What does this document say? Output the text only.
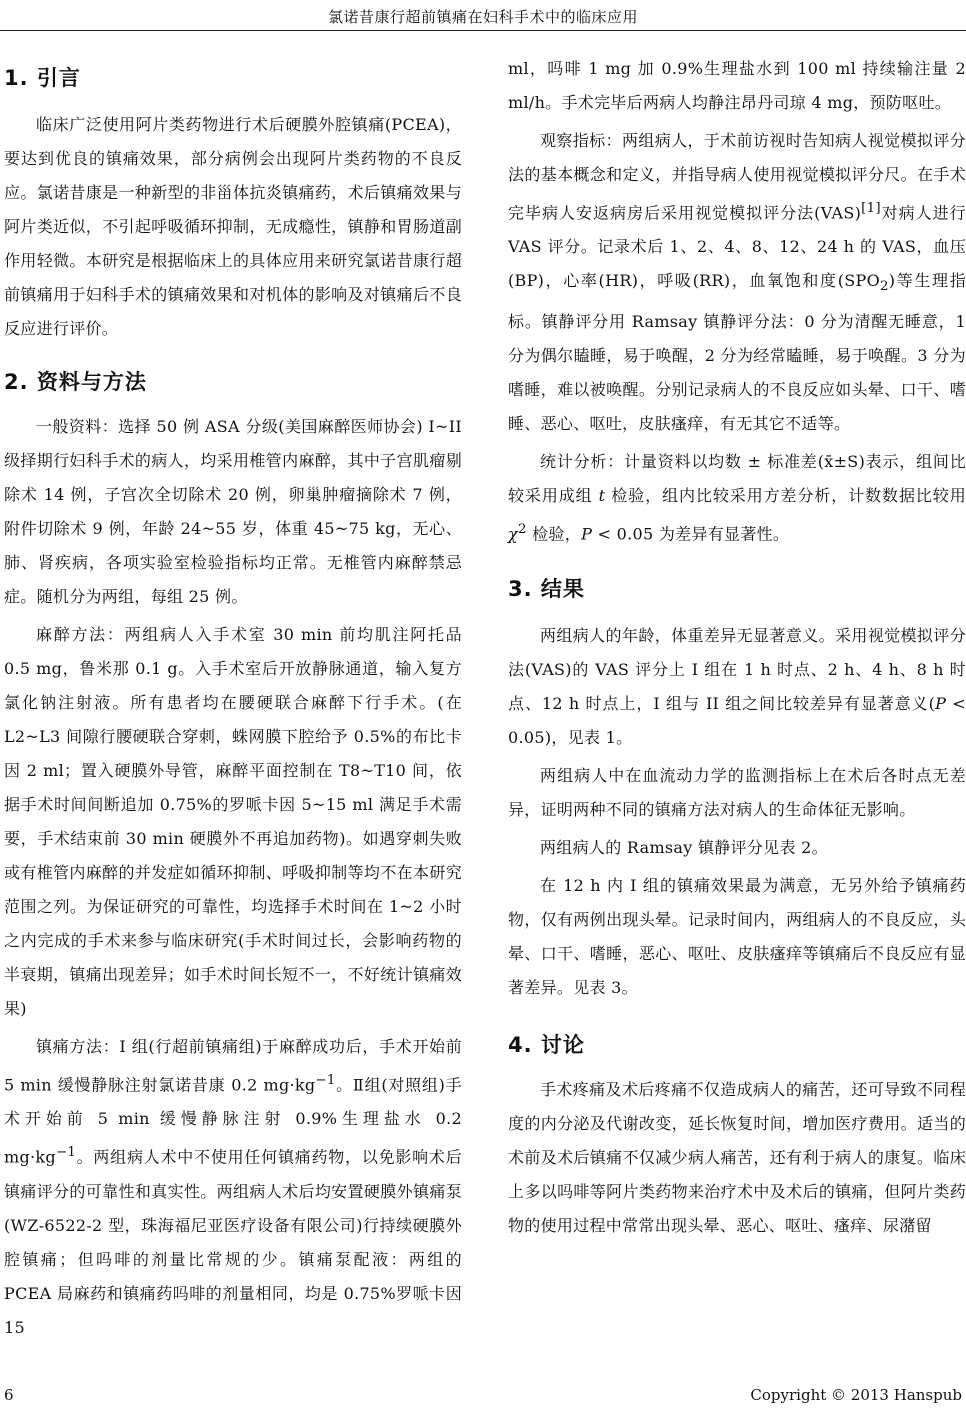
氯诺昔康行超前镇痛在妇科手术中的临床应用
1. 引言

临床广泛使用阿片类药物进行术后硬膜外腔镇痛(PCEA)，要达到优良的镇痛效果，部分病例会出现阿片类药物的不良反应。氯诺昔康是一种新型的非甾体抗炎镇痛药，术后镇痛效果与阿片类近似，不引起呼吸循环抑制，无成瘾性，镇静和胃肠道副作用轻微。本研究是根据临床上的具体应用来研究氯诺昔康行超前镇痛用于妇科手术的镇痛效果和对机体的影响及对镇痛后不良反应进行评价。

2. 资料与方法

一般资料：选择 50 例 ASA 分级(美国麻醉医师协会) I~II 级择期行妇科手术的病人，均采用椎管内麻醉，其中子宫肌瘤剔除术 14 例，子宫次全切除术 20 例，卵巢肿瘤摘除术 7 例，附件切除术 9 例，年龄 24~55 岁，体重 45~75 kg，无心、肺、肾疾病，各项实验室检验指标均正常。无椎管内麻醉禁忌症。随机分为两组，每组 25 例。

麻醉方法：两组病人入手术室 30 min 前均肌注阿托品 0.5 mg，鲁米那 0.1 g。入手术室后开放静脉通道，输入复方氯化钠注射液。所有患者均在腰硬联合麻醉下行手术。(在 L2~L3 间隙行腰硬联合穿刺，蛛网膜下腔给予 0.5%的布比卡因 2 ml；置入硬膜外导管，麻醉平面控制在 T8~T10 间，依据手术时间间断追加 0.75%的罗哌卡因 5~15 ml 满足手术需要，手术结束前 30 min 硬膜外不再追加药物)。如遇穿刺失败或有椎管内麻醉的并发症如循环抑制、呼吸抑制等均不在本研究范围之列。为保证研究的可靠性，均选择手术时间在 1~2 小时之内完成的手术来参与临床研究(手术时间过长，会影响药物的半衰期，镇痛出现差异；如手术时间长短不一，不好统计镇痛效果)

镇痛方法：I 组(行超前镇痛组)于麻醉成功后，手术开始前 5 min 缓慢静脉注射氯诺昔康 0.2 $mg\cdot kg^{-1}$。Ⅱ组(对照组)手术开始前 5 min 缓慢静脉注射 0.9%生理盐水 0.2 $mg\cdot kg^{-1}$。两组病人术中不使用任何镇痛药物，以免影响术后镇痛评分的可靠性和真实性。两组病人术后均安置硬膜外镇痛泵(WZ-6522-2 型，珠海福尼亚医疗设备有限公司)行持续硬膜外腔镇痛；但吗啡的剂量比常规的少。镇痛泵配液：两组的 PCEA 局麻药和镇痛药吗啡的剂量相同，均是 0.75%罗哌卡因 15

ml，吗啡 1 mg 加 0.9%生理盐水到 100 ml 持续输注量 2 ml/h。手术完毕后两病人均静注昂丹司琼 4 mg，预防呕吐。

观察指标：两组病人，于术前访视时告知病人视觉模拟评分法的基本概念和定义，并指导病人使用视觉模拟评分尺。在手术完毕病人安返病房后采用视觉模拟评分法(VAS)[1]对病人进行 VAS 评分。记录术后 1、2、4、8、12、24 h 的 VAS，血压(BP)，心率(HR)，呼吸(RR)，血氧饱和度$(SPO_2)$等生理指标。镇静评分用 Ramsay 镇静评分法：0 分为清醒无睡意，1 分为偶尔瞌睡，易于唤醒，2 分为经常瞌睡，易于唤醒。3 分为嗜睡，难以被唤醒。分别记录病人的不良反应如头晕、口干、嗜睡、恶心、呕吐，皮肤瘙痒，有无其它不适等。

统计分析：计量资料以均数 ± 标准差(x̄±S)表示，组间比较采用成组 t 检验，组内比较采用方差分析，计数数据比较用 $\chi^2$ 检验，P < 0.05 为差异有显著性。

3. 结果

两组病人的年龄，体重差异无显著意义。采用视觉模拟评分法(VAS)的 VAS 评分上 I 组在 1 h 时点、2 h、4 h、8 h 时点、12 h 时点上，I 组与 II 组之间比较差异有显著意义(P < 0.05)，见表 1。

两组病人中在血流动力学的监测指标上在术后各时点无差异，证明两种不同的镇痛方法对病人的生命体征无影响。

两组病人的 Ramsay 镇静评分见表 2。

在 12 h 内 I 组的镇痛效果最为满意，无另外给予镇痛药物，仅有两例出现头晕。记录时间内，两组病人的不良反应，头晕、口干、嗜睡，恶心、呕吐、皮肤瘙痒等镇痛后不良反应有显著差异。见表 3。

4. 讨论

手术疼痛及术后疼痛不仅造成病人的痛苦，还可导致不同程度的内分泌及代谢改变，延长恢复时间，增加医疗费用。适当的术前及术后镇痛不仅减少病人痛苦，还有利于病人的康复。临床上多以吗啡等阿片类药物来治疗术中及术后的镇痛，但阿片类药物的使用过程中常常出现头晕、恶心、呕吐、瘙痒、尿潴留

6	Copyright © 2013 Hanspub
